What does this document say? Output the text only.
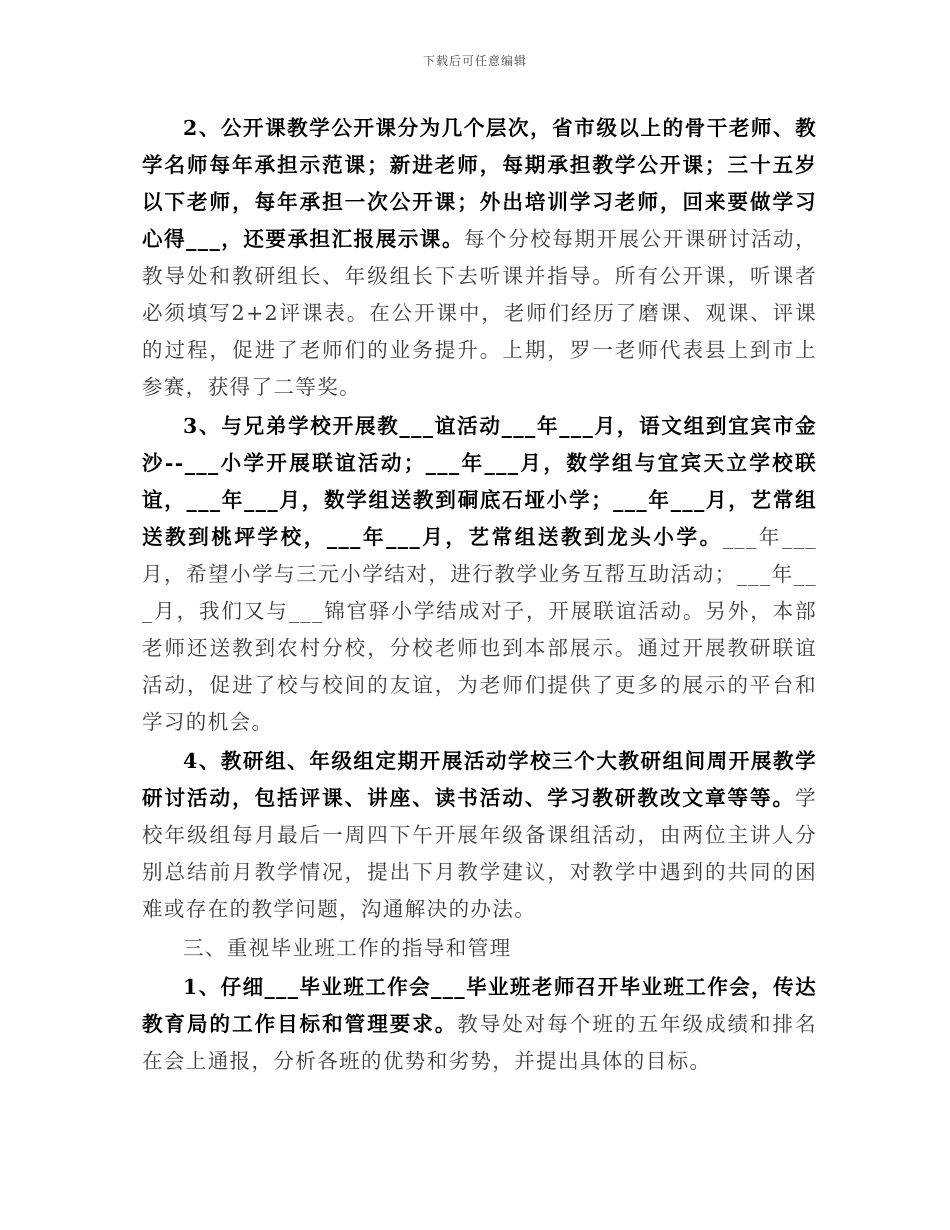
下载后可任意编辑

2、公开课教学公开课分为几个层次，省市级以上的骨干老师、教学名师每年承担示范课；新进老师，每期承担教学公开课；三十五岁以下老师，每年承担一次公开课；外出培训学习老师，回来要做学习心得___，还要承担汇报展示课。每个分校每期开展公开课研讨活动，教导处和教研组长、年级组长下去听课并指导。所有公开课，听课者必须填写2+2评课表。在公开课中，老师们经历了磨课、观课、评课的过程，促进了老师们的业务提升。上期，罗一老师代表县上到市上参赛，获得了二等奖。

3、与兄弟学校开展教___谊活动___年___月，语文组到宜宾市金沙--___小学开展联谊活动；___年___月，数学组与宜宾天立学校联谊，___年___月，数学组送教到硐底石垭小学；___年___月，艺常组送教到桃坪学校，___年___月，艺常组送教到龙头小学。___年___月，希望小学与三元小学结对，进行教学业务互帮互助活动；___年___月，我们又与___锦官驿小学结成对子，开展联谊活动。另外，本部老师还送教到农村分校，分校老师也到本部展示。通过开展教研联谊活动，促进了校与校间的友谊，为老师们提供了更多的展示的平台和学习的机会。

4、教研组、年级组定期开展活动学校三个大教研组间周开展教学研讨活动，包括评课、讲座、读书活动、学习教研教改文章等等。学校年级组每月最后一周四下午开展年级备课组活动，由两位主讲人分别总结前月教学情况，提出下月教学建议，对教学中遇到的共同的困难或存在的教学问题，沟通解决的办法。

三、重视毕业班工作的指导和管理

1、仔细___毕业班工作会___毕业班老师召开毕业班工作会，传达教育局的工作目标和管理要求。教导处对每个班的五年级成绩和排名在会上通报，分析各班的优势和劣势，并提出具体的目标。
